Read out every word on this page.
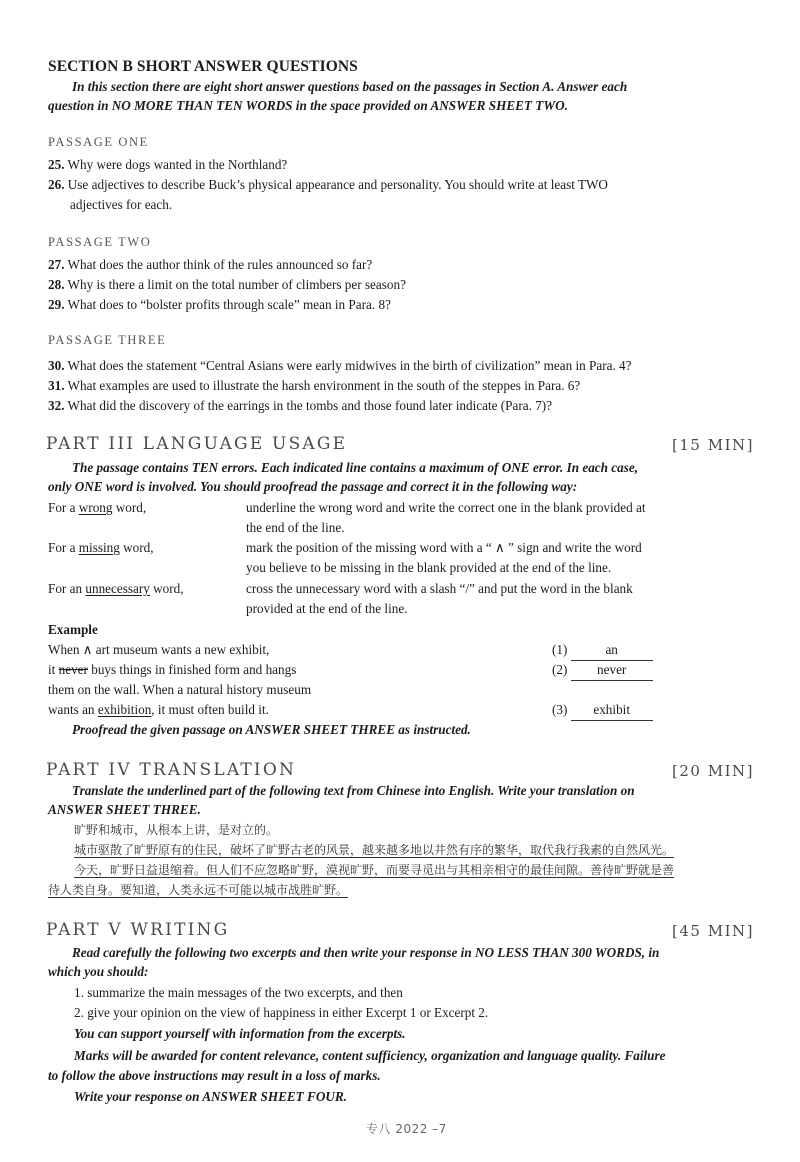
SECTION B SHORT ANSWER QUESTIONS
In this section there are eight short answer questions based on the passages in Section A. Answer each
question in NO MORE THAN TEN WORDS in the space provided on ANSWER SHEET TWO.
PASSAGE ONE
25. Why were dogs wanted in the Northland?
26. Use adjectives to describe Buck’s physical appearance and personality. You should write at least TWO
adjectives for each.
PASSAGE TWO
27. What does the author think of the rules announced so far?
28. Why is there a limit on the total number of climbers per season?
29. What does to “bolster profits through scale” mean in Para. 8?
PASSAGE THREE
30. What does the statement “Central Asians were early midwives in the birth of civilization” mean in Para. 4?
31. What examples are used to illustrate the harsh environment in the south of the steppes in Para. 6?
32. What did the discovery of the earrings in the tombs and those found later indicate (Para. 7)?
PART III LANGUAGE USAGE	[15 MIN]
The passage contains TEN errors. Each indicated line contains a maximum of ONE error. In each case,
only ONE word is involved. You should proofread the passage and correct it in the following way:
For a wrong word,	underline the wrong word and write the correct one in the blank provided at
the end of the line.
For a missing word,	mark the position of the missing word with a “ ∧ ” sign and write the word
you believe to be missing in the blank provided at the end of the line.
For an unnecessary word,	cross the unnecessary word with a slash “/” and put the word in the blank
provided at the end of the line.
Example
When ∧ art museum wants a new exhibit,
it never buys things in finished form and hangs
them on the wall. When a natural history museum
wants an exhibition, it must often build it.
(1)	an
(2) never
(3) exhibit
Proofread the given passage on ANSWER SHEET THREE as instructed.
PART IV TRANSLATION	[20 MIN]
Translate the underlined part of the following text from Chinese into English. Write your translation on
ANSWER SHEET THREE.
旷野和城市，从根本上讲，是对立的。
城市驱散了旷野原有的住民，破坏了旷野古老的风景，越来越多地以井然有序的繁华，取代我行我素的自然风光。
今天，旷野日益退缩着。但人们不应忽略旷野，漠视旷野，而要寻觅出与其相亲相守的最佳间隙。善待旷野就是善
待人类自身。要知道，人类永远不可能以城市战胜旷野。
PART V WRITING	[45 MIN]
Read carefully the following two excerpts and then write your response in NO LESS THAN 300 WORDS, in
which you should:
1. summarize the main messages of the two excerpts, and then
2. give your opinion on the view of happiness in either Excerpt 1 or Excerpt 2.
You can support yourself with information from the excerpts.
Marks will be awarded for content relevance, content sufficiency, organization and language quality. Failure
to follow the above instructions may result in a loss of marks.
Write your response on ANSWER SHEET FOUR.
专八 2022 –7
